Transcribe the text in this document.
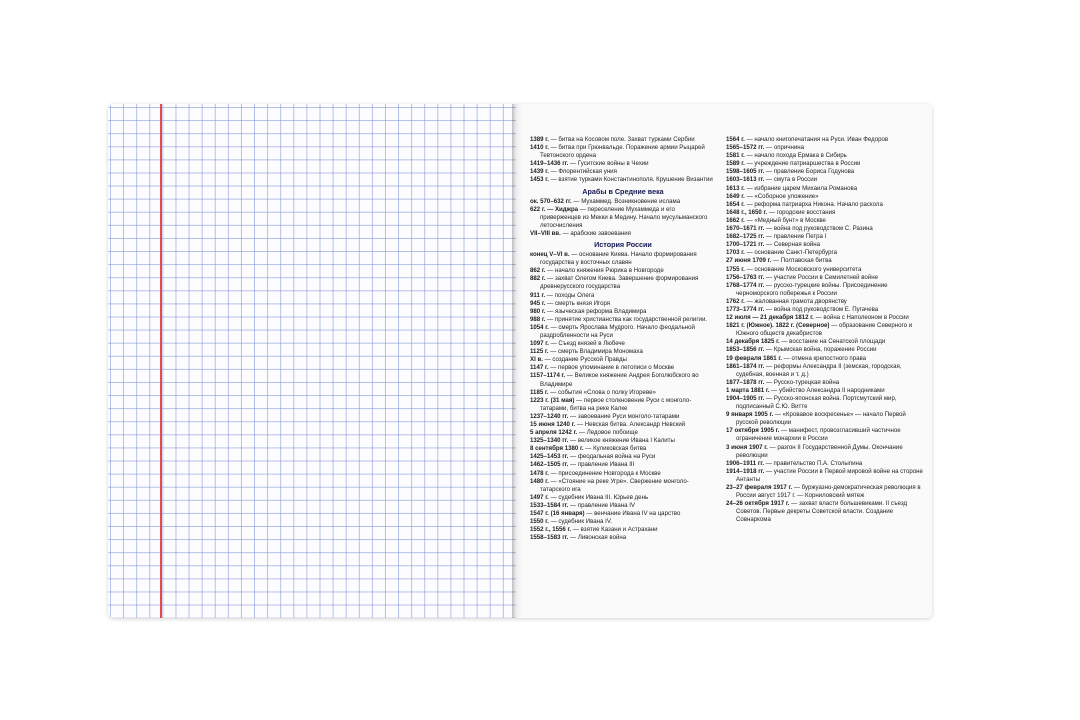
1389 г. — битва на Косовом поле. Захват турками Сербии

1410 г. — битва при Грюнвальде. Поражение армии Рыцарей Тевтонского ордена

1419–1436 гг. — Гуситские войны в Чехии

1439 г. — Флорентийская уния

1453 г. — взятие турками Константинополя. Крушение Византии

Арабы в Средние века

ок. 570–632 гг. — Мухаммед. Возникновение ислама

622 г. — Хиджра — переселение Мухаммеда и его приверженцев из Мекки в Медину. Начало мусульманского летосчисления

VII–VIII вв. — арабские завоевания

История России

конец V–VI в. — основание Киева. Начало формирования государства у восточных славян

862 г. — начало княжения Рюрика в Новгороде

882 г. — захват Олегом Киева. Завершение формирования древнерусского государства

911 г. — походы Олега

945 г. — смерть князя Игоря

980 г. — языческая реформа Владимира

988 г. — принятие христианства как государственной религии.

1054 г. — смерть Ярослава Мудрого. Начало феодальной раздробленности на Руси

1097 г. — Съезд князей в Любече

1125 г. — смерть Владимира Мономаха

XI в. — создание Русской Правды

1147 г. — первое упоминание в летописи о Москве

1157–1174 г. — Великое княжение Андрея Боголюбского во Владимире

1185 г. — события «Слова о полку Игореве»

1223 г. (31 мая) — первое столкновение Руси с монголо-татарами, битва на реке Калке

1237–1240 гг. — завоевание Руси монголо-татарами

15 июня 1240 г. — Невская битва. Александр Невский

5 апреля 1242 г. — Ледовое побоище

1325–1340 гг. — великое княжение Ивана I Калиты

8 сентября 1380 г. — Куликовская битва

1425–1453 гг. — феодальная война на Руси

1462–1505 гг. — правление Ивана III

1478 г. — присоединение Новгорода к Москве

1480 г. — «Стояние на реке Угре». Свержение монголо-татарского ига

1497 г. — судебник Ивана III. Юрьев день

1533–1584 гг. — правление Ивана IV

1547 г. (16 января) — венчание Ивана IV на царство

1550 г. — судебник Ивана IV.

1552 г., 1556 г. — взятие Казани и Астрахани

1558–1583 гг. — Ливонская война

1564 г. — начало книгопечатания на Руси. Иван Федоров

1565–1572 гг. — опричнина

1581 г. — начало похода Ермака в Сибирь

1589 г. — учреждение патриаршества в России

1598–1605 гг. — правление Бориса Годунова

1603–1613 гг. — смута в России

1613 г. — избрание царем Михаила Романова

1649 г. — «Соборное уложение»

1654 г. — реформа патриарха Никона. Начало раскола

1648 г., 1650 г. — городские восстания

1662 г. — «Медный бунт» в Москве

1670–1671 гг. — война под руководством С. Разина

1682–1725 гг. — правление Петра I

1700–1721 гг. — Северная война

1703 г. — основание Санкт-Петербурга

27 июня 1709 г. — Полтавская битва

1755 г. — основание Московского университета

1756–1763 гг. — участие России в Семилетней войне

1768–1774 гг. — русско-турецкие войны. Присоединение черноморского побережья к России

1762 г. — жалованная грамота дворянству

1773–1774 гг. — война под руководством Е. Пугачева

12 июля — 21 декабря 1812 г. — война с Наполеоном в России

1821 г. (Южное). 1822 г. (Северное) — образование Северного и Южного обществ декабристов

14 декабря 1825 г. — восстание на Сенатской площади

1853–1856 гг. — Крымская война, поражение России

19 февраля 1861 г. — отмена крепостного права

1861–1874 гг. — реформы Александра II (земская, городская, судебная, военная и т. д.)

1877–1878 гг. — Русско-турецкая война

1 марта 1881 г. — убийство Александра II народниками

1904–1905 гг. — Русско-японская война. Портсмутский мир, подписанный С.Ю. Витте

9 января 1905 г. — «Кровавое воскресенье» — начало Первой русской революции

17 октября 1905 г. — манифест, провозгласивший частичное ограничение монархии в России

3 июня 1907 г. — разгон II Государственной Думы. Окончание революции

1906–1911 гг. — правительство П.А. Столыпина

1914–1918 гг. — участие России в Первой мировой войне на стороне Антанты

23–27 февраля 1917 г. — буржуазно-демократическая революция в России август 1917 г. — Корниловский мятеж

24–26 октября 1917 г. — захват власти большевиками. II съезд Советов. Первые декреты Советской власти. Создание Совнаркома
